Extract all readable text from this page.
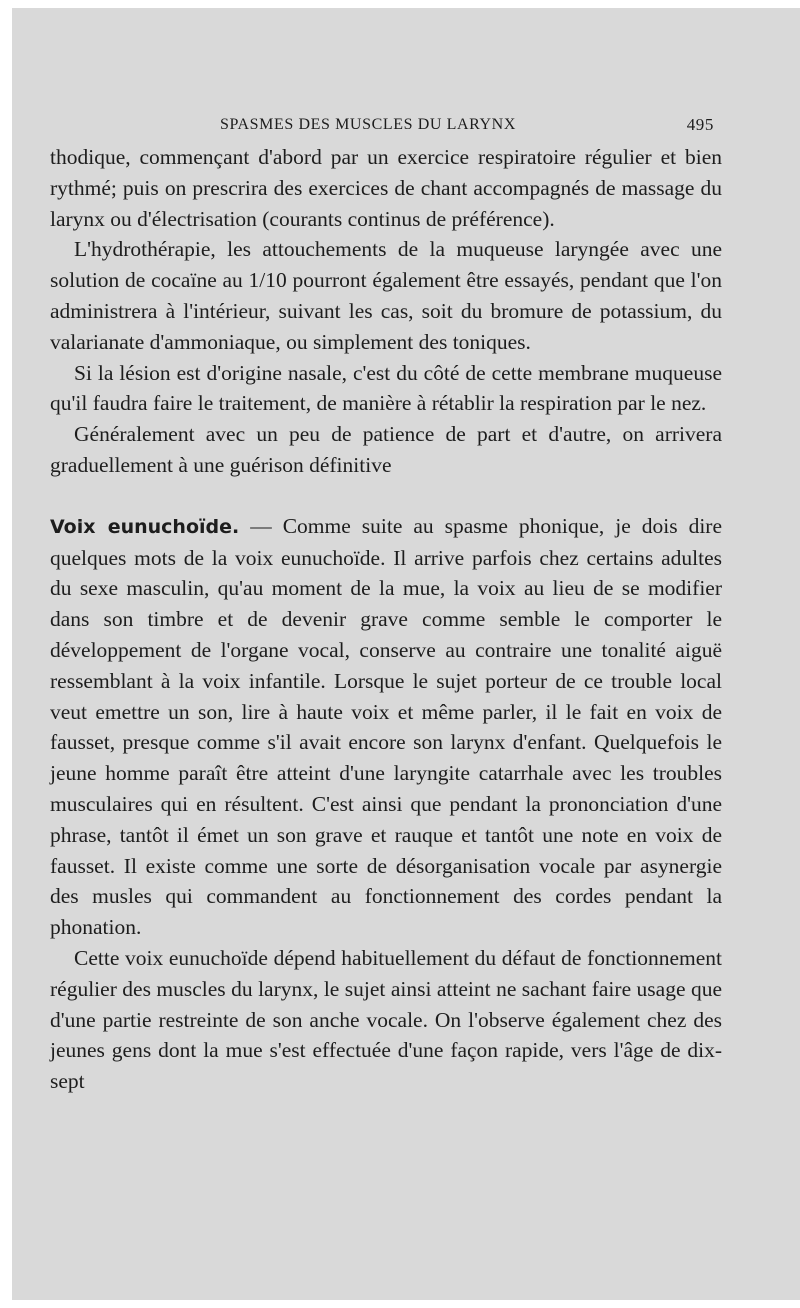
SPASMES DES MUSCLES DU LARYNX	495

thodique, commençant d'abord par un exercice respiratoire régulier et bien rythmé; puis on prescrira des exercices de chant accompagnés de massage du larynx ou d'électrisation (courants continus de préférence).

L'hydrothérapie, les attouchements de la muqueuse laryngée avec une solution de cocaïne au 1/10 pourront également être essayés, pendant que l'on administrera à l'intérieur, suivant les cas, soit du bromure de potassium, du valarianate d'ammoniaque, ou simplement des toniques.

Si la lésion est d'origine nasale, c'est du côté de cette membrane muqueuse qu'il faudra faire le traitement, de manière à rétablir la respiration par le nez.

Généralement avec un peu de patience de part et d'autre, on arrivera graduellement à une guérison définitive

Voix eunuchoïde. — Comme suite au spasme phonique, je dois dire quelques mots de la voix eunuchoïde. Il arrive parfois chez certains adultes du sexe masculin, qu'au moment de la mue, la voix au lieu de se modifier dans son timbre et de devenir grave comme semble le comporter le développement de l'organe vocal, conserve au contraire une tonalité aiguë ressemblant à la voix infantile. Lorsque le sujet porteur de ce trouble local veut emettre un son, lire à haute voix et même parler, il le fait en voix de fausset, presque comme s'il avait encore son larynx d'enfant. Quelquefois le jeune homme paraît être atteint d'une laryngite catarrhale avec les troubles musculaires qui en résultent. C'est ainsi que pendant la prononciation d'une phrase, tantôt il émet un son grave et rauque et tantôt une note en voix de fausset. Il existe comme une sorte de désorganisation vocale par asynergie des musles qui commandent au fonctionnement des cordes pendant la phonation.

Cette voix eunuchoïde dépend habituellement du défaut de fonctionnement régulier des muscles du larynx, le sujet ainsi atteint ne sachant faire usage que d'une partie restreinte de son anche vocale. On l'observe également chez des jeunes gens dont la mue s'est effectuée d'une façon rapide, vers l'âge de dix-sept
